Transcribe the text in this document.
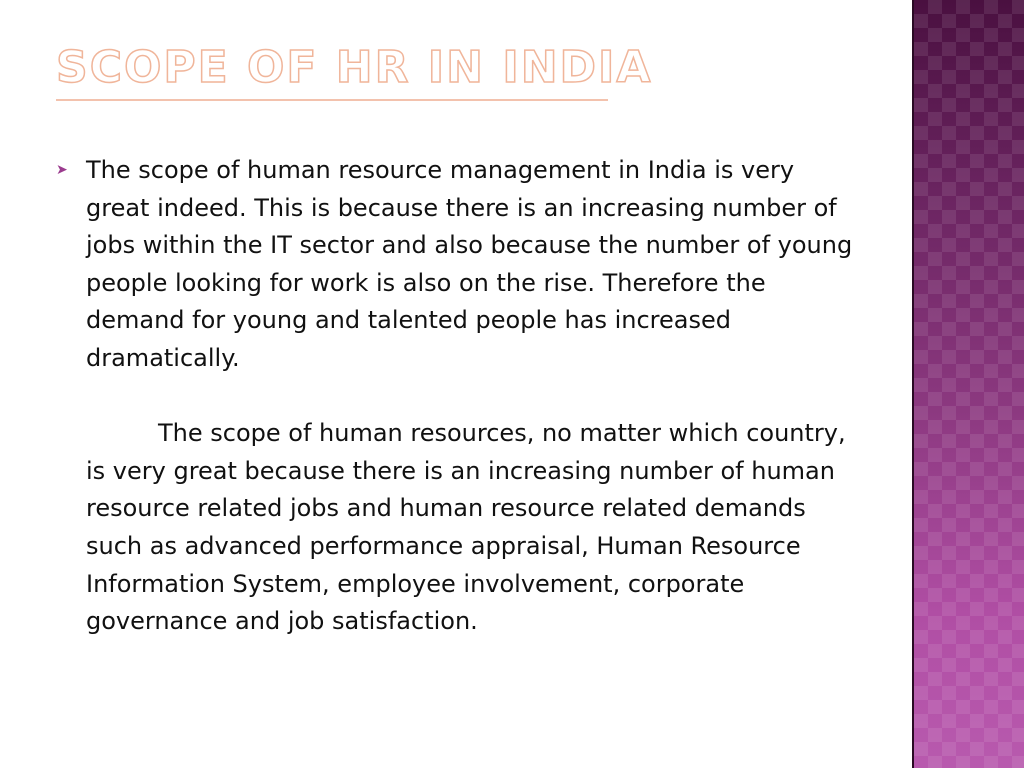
SCOPE OF HR IN INDIA
➤ The scope of human resource management in India is very great indeed. This is because there is an increasing number of jobs within the IT sector and also because the number of young people looking for work is also on the rise. Therefore the demand for young and talented people has increased dramatically.

The scope of human resources, no matter which country, is very great because there is an increasing number of human resource related jobs and human resource related demands such as advanced performance appraisal, Human Resource Information System, employee involvement, corporate governance and job satisfaction.
